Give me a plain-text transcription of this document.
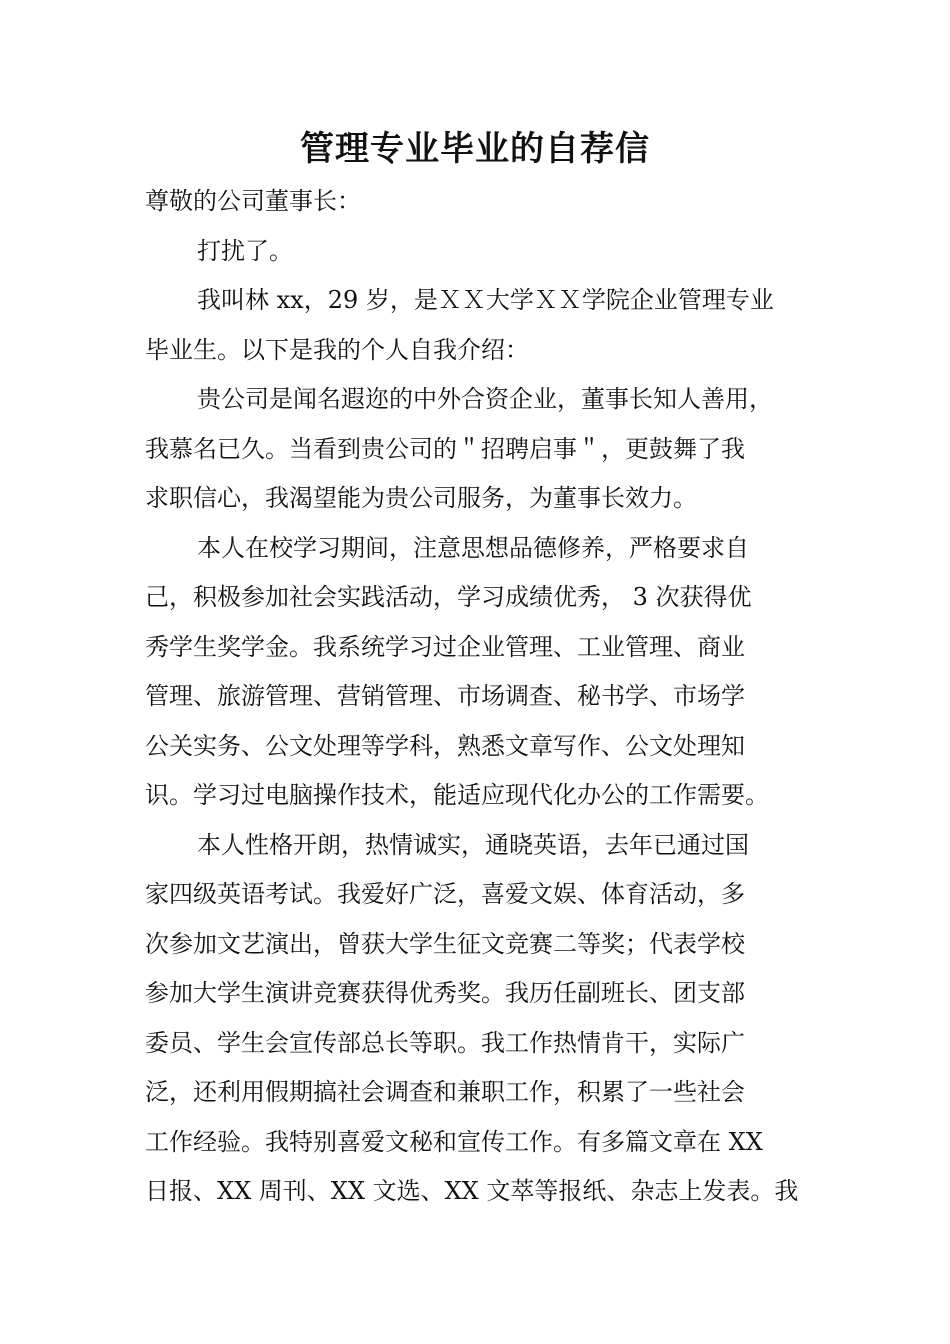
管理专业毕业的自荐信
尊敬的公司董事长：
打扰了。
我叫林 xx，29 岁，是ＸＸ大学ＸＸ学院企业管理专业
毕业生。以下是我的个人自我介绍：
贵公司是闻名遐迩的中外合资企业，董事长知人善用，
我慕名已久。当看到贵公司的＂招聘启事＂，更鼓舞了我
求职信心，我渴望能为贵公司服务，为董事长效力。
本人在校学习期间，注意思想品德修养，严格要求自
己，积极参加社会实践活动，学习成绩优秀， 3 次获得优
秀学生奖学金。我系统学习过企业管理、工业管理、商业
管理、旅游管理、营销管理、市场调查、秘书学、市场学
公关实务、公文处理等学科，熟悉文章写作、公文处理知
识。学习过电脑操作技术，能适应现代化办公的工作需要。
本人性格开朗，热情诚实，通晓英语，去年已通过国
家四级英语考试。我爱好广泛，喜爱文娱、体育活动，多
次参加文艺演出，曾获大学生征文竞赛二等奖；代表学校
参加大学生演讲竞赛获得优秀奖。我历任副班长、团支部
委员、学生会宣传部总长等职。我工作热情肯干，实际广
泛，还利用假期搞社会调查和兼职工作，积累了一些社会
工作经验。我特别喜爱文秘和宣传工作。有多篇文章在 XX
日报、XX 周刊、XX 文选、XX 文萃等报纸、杂志上发表。我
